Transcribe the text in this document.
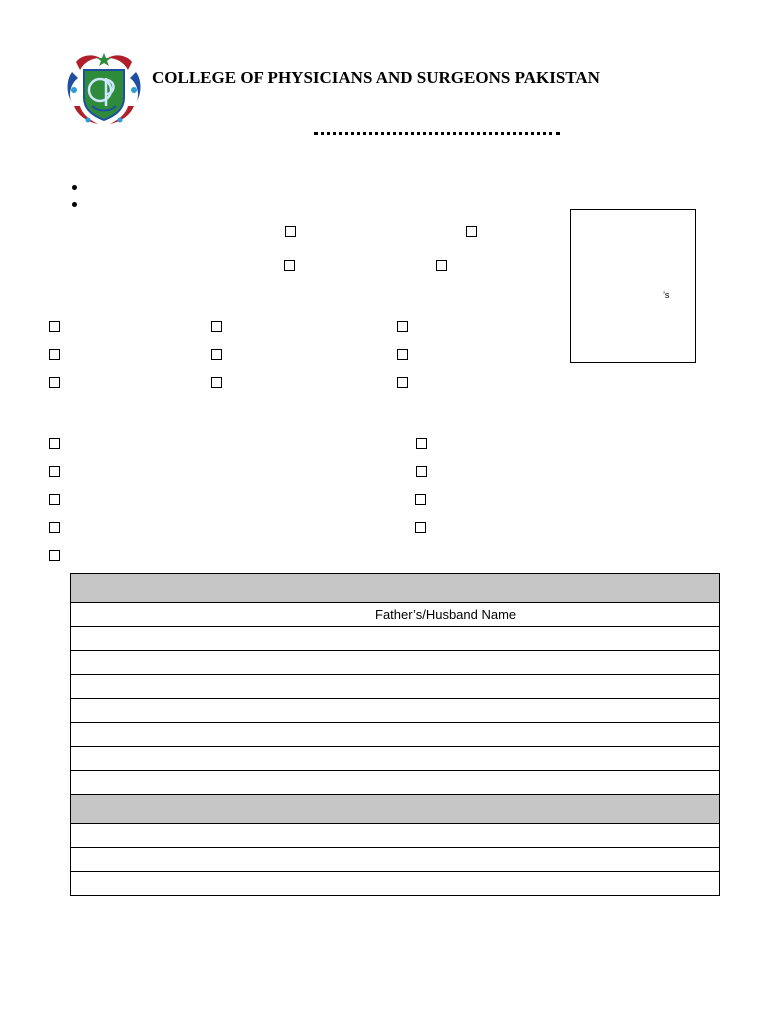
COLLEGE OF PHYSICIANS AND SURGEONS PAKISTAN
’s

Father’s/Husband Name
